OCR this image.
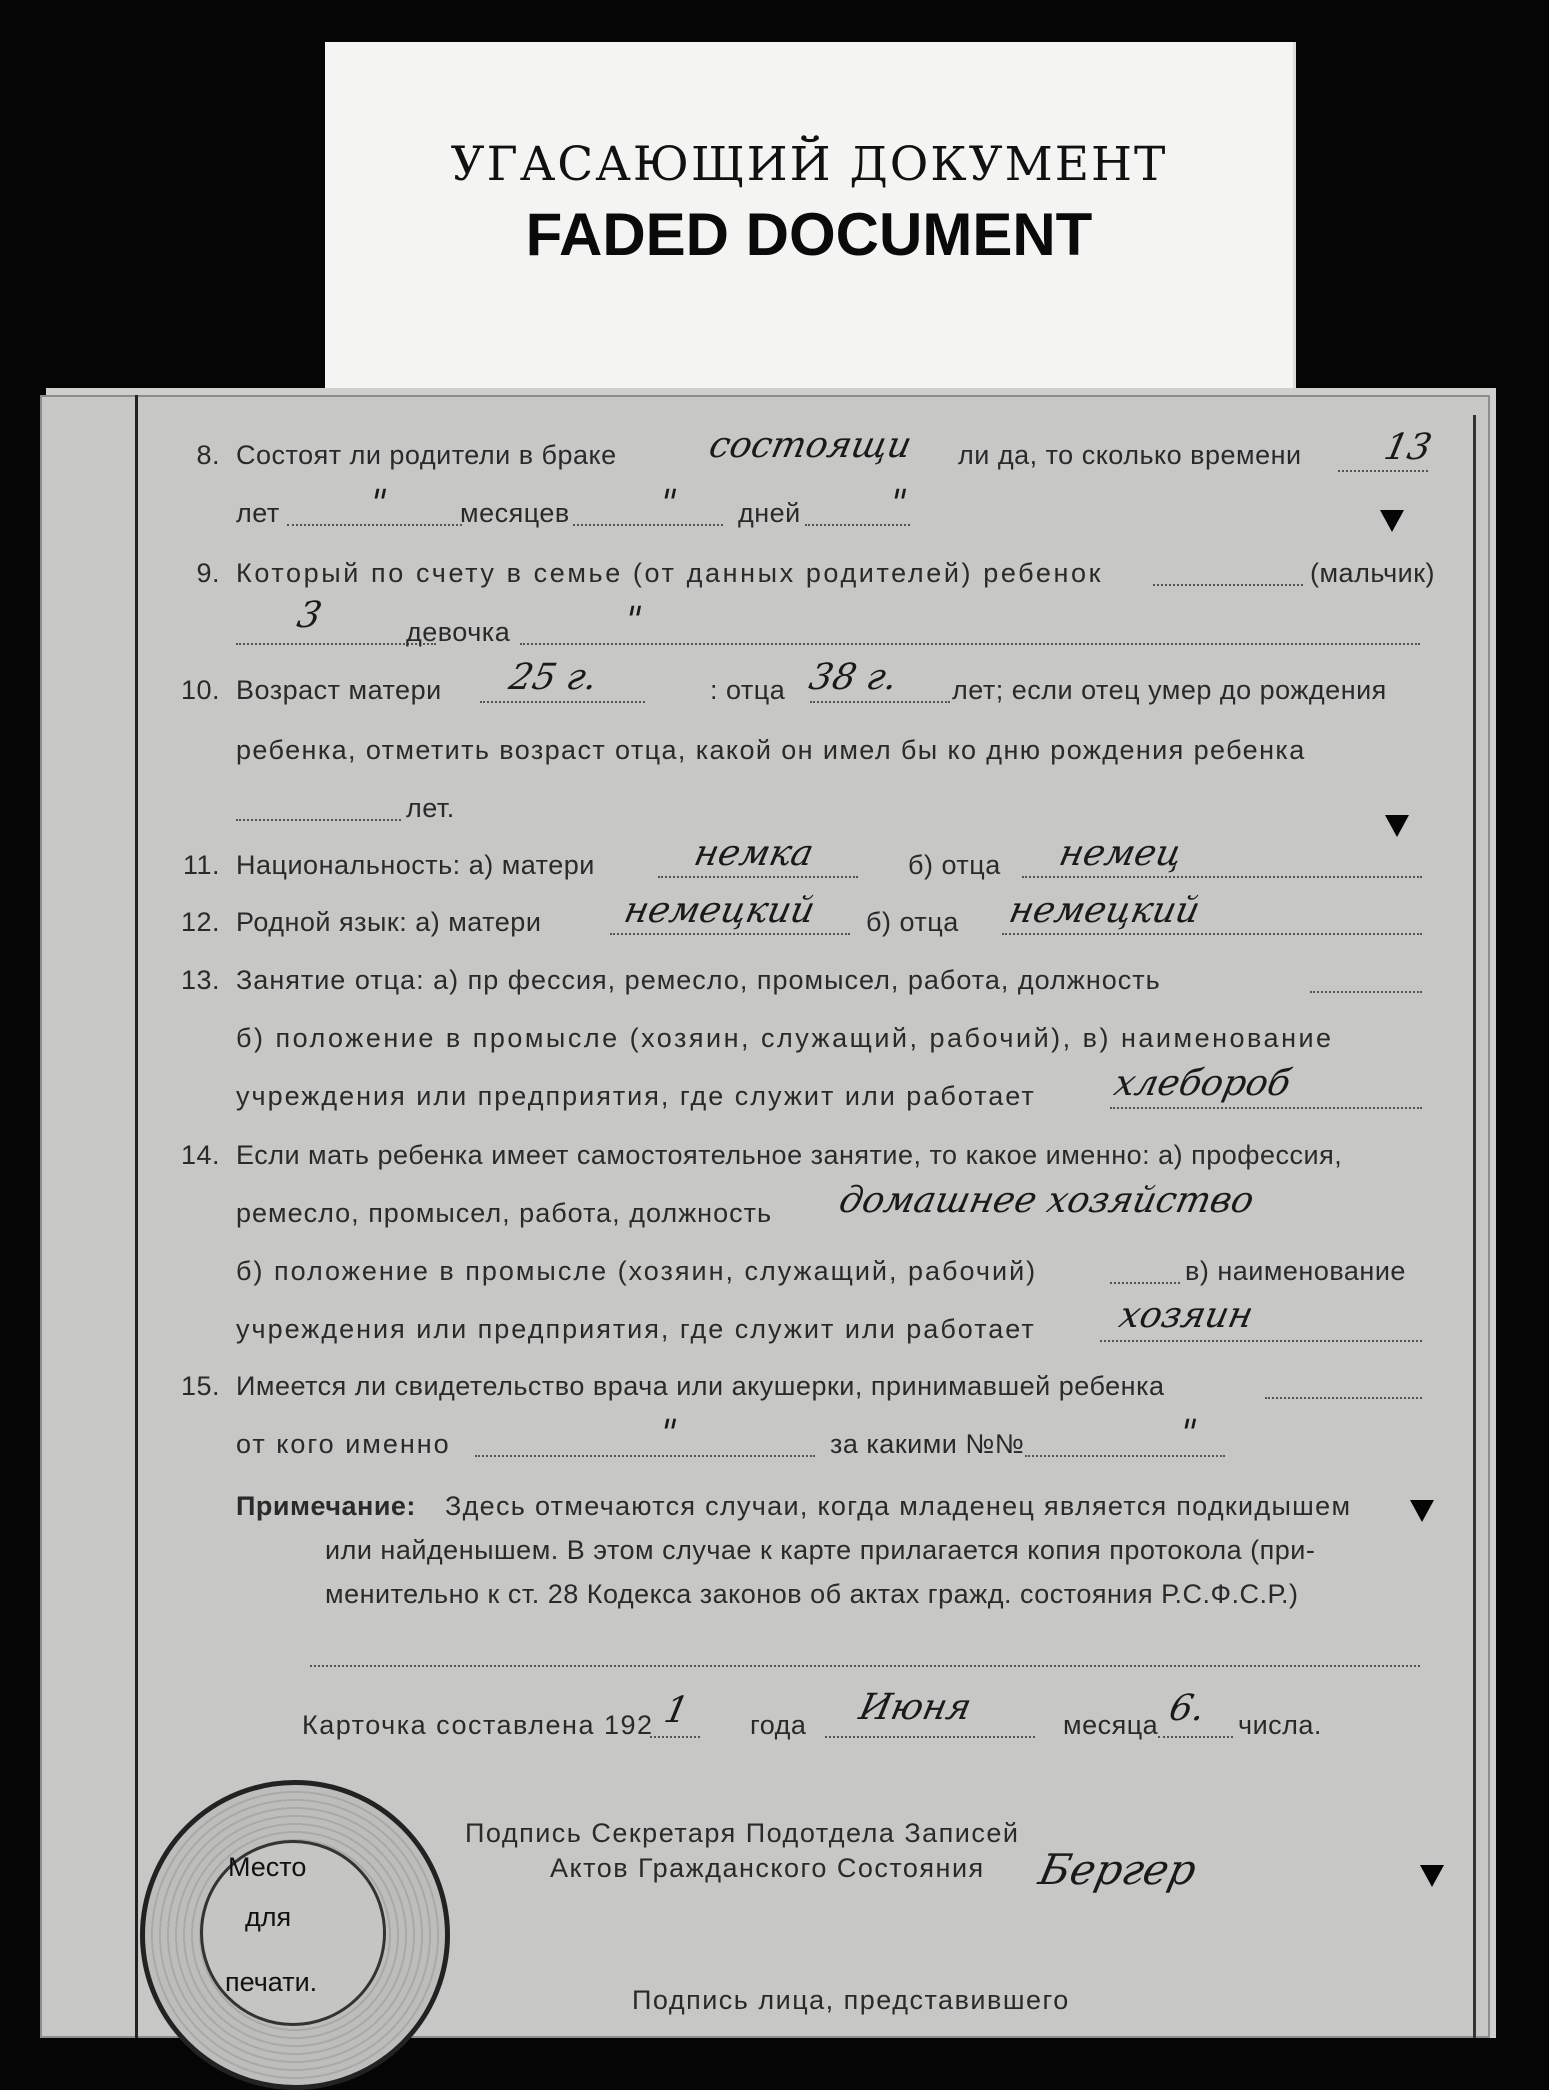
УГАСАЮЩИЙ ДОКУМЕНТ
FADED DOCUMENT
8. Состоят ли родители в браке	ли да, то сколько времени
состоящи	13
лет	месяцев	дней
"	"	"
9. Который по счету в семье (от данных родителей) ребенок	(мальчик)
девочка
3	"
10. Возраст матери	: отца	лет; если отец умер до рождения
25 г.	38 г.
ребенка, отметить возраст отца, какой он имел бы ко дню рождения ребенка
лет.
11. Национальность: а) матери	б) отца
немка	немец
12. Родной язык: а) матери	б) отца
немецкий	немецкий
13. Занятие отца: а) пр фессия, ремесло, промысел, работа, должность
б) положение в промысле (хозяин, служащий, рабочий), в) наименование
учреждения или предприятия, где служит или работает хлебороб
14. Если мать ребенка имеет самостоятельное занятие, то какое именно: а) профессия,
ремесло, промысел, работа, должность домашнее хозяйство
б) положение в промысле (хозяин, служащий, рабочий)	в) наименование
учреждения или предприятия, где служит или работает хозяин
15. Имеется ли свидетельство врача или акушерки, принимавшей ребенка
от кого именно	за какими №№
"	"
Примечание: Здесь отмечаются случаи, когда младенец является подкидышем
или найденышем. В этом случае к карте прилагается копия протокола (при-
менительно к ст. 28 Кодекса законов об актах гражд. состояния Р.С.Ф.С.Р.)
Карточка составлена 192	года	месяца	числа.
1	Июня	6.
Подпись Секретаря Подотдела Записей
Актов Гражданского Состояния Бергер
Подпись лица, представившего
Место
для
печати.
